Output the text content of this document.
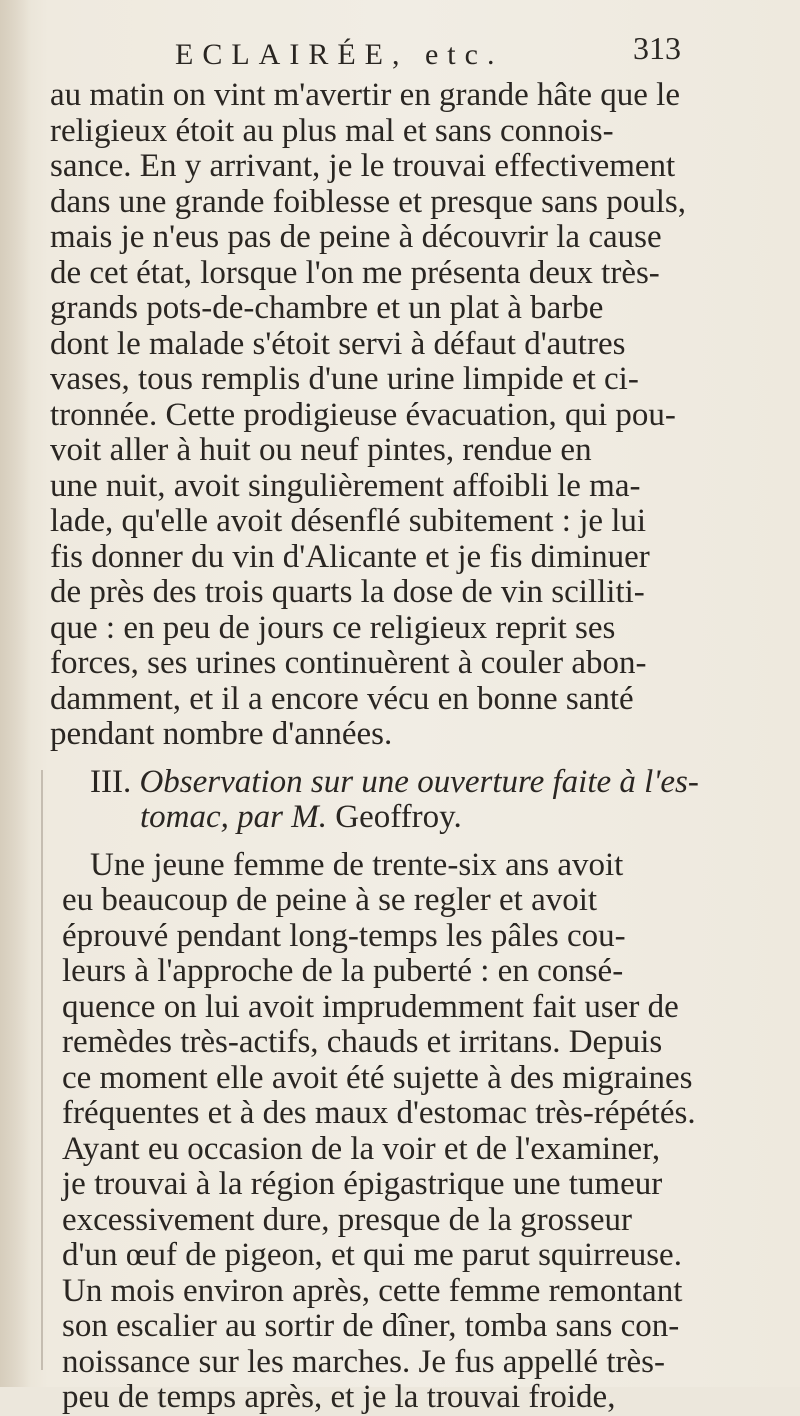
ECLAIRÉE, etc.	313
au matin on vint m'avertir en grande hâte que le
religieux étoit au plus mal et sans connois-
sance. En y arrivant, je le trouvai effectivement
dans une grande foiblesse et presque sans pouls,
mais je n'eus pas de peine à découvrir la cause
de cet état, lorsque l'on me présenta deux très-
grands pots-de-chambre et un plat à barbe
dont le malade s'étoit servi à défaut d'autres
vases, tous remplis d'une urine limpide et ci-
tronnée. Cette prodigieuse évacuation, qui pou-
voit aller à huit ou neuf pintes, rendue en
une nuit, avoit singulièrement affoibli le ma-
lade, qu'elle avoit désenflé subitement : je lui
fis donner du vin d'Alicante et je fis diminuer
de près des trois quarts la dose de vin scilliti-
que : en peu de jours ce religieux reprit ses
forces, ses urines continuèrent à couler abon-
damment, et il a encore vécu en bonne santé
pendant nombre d'années.
III. Observation sur une ouverture faite à l'es-
tomac, par M. Geoffroy.
Une jeune femme de trente-six ans avoit
eu beaucoup de peine à se regler et avoit
éprouvé pendant long-temps les pâles cou-
leurs à l'approche de la puberté : en consé-
quence on lui avoit imprudemment fait user de
remèdes très-actifs, chauds et irritans. Depuis
ce moment elle avoit été sujette à des migraines
fréquentes et à des maux d'estomac très-répétés.
Ayant eu occasion de la voir et de l'examiner,
je trouvai à la région épigastrique une tumeur
excessivement dure, presque de la grosseur
d'un œuf de pigeon, et qui me parut squirreuse.
Un mois environ après, cette femme remontant
son escalier au sortir de dîner, tomba sans con-
noissance sur les marches. Je fus appellé très-
peu de temps après, et je la trouvai froide,
